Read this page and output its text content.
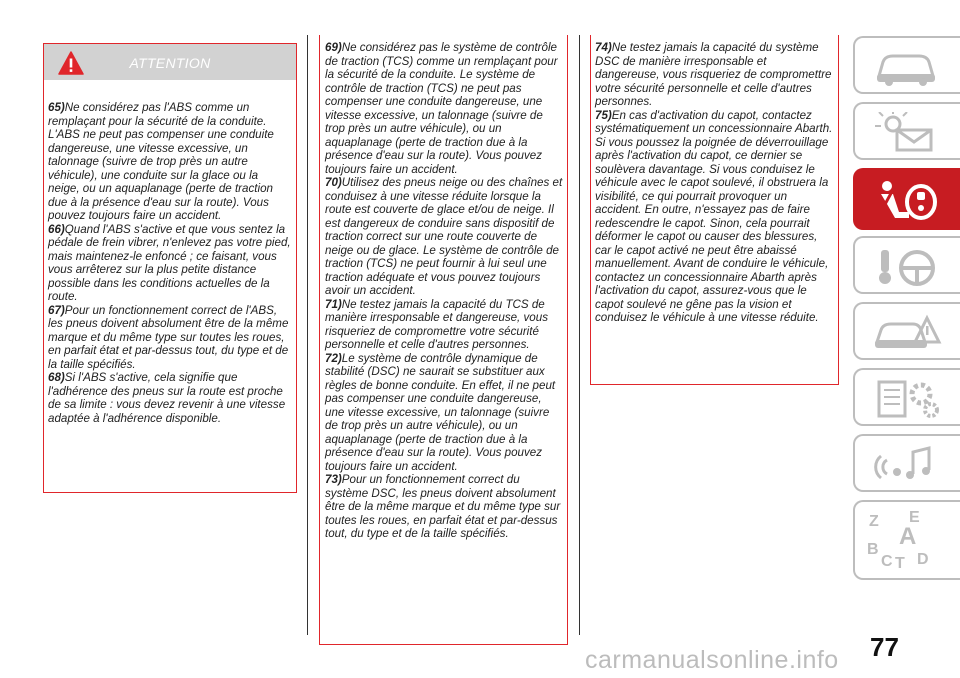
ATTENTION

65)Ne considérez pas l'ABS comme un remplaçant pour la sécurité de la conduite. L'ABS ne peut pas compenser une conduite dangereuse, une vitesse excessive, un talonnage (suivre de trop près un autre véhicule), une conduite sur la glace ou la neige, ou un aquaplanage (perte de traction due à la présence d'eau sur la route). Vous pouvez toujours faire un accident.

66)Quand l'ABS s'active et que vous sentez la pédale de frein vibrer, n'enlevez pas votre pied, mais maintenez-le enfoncé ; ce faisant, vous vous arrêterez sur la plus petite distance possible dans les conditions actuelles de la route.

67)Pour un fonctionnement correct de l'ABS, les pneus doivent absolument être de la même marque et du même type sur toutes les roues, en parfait état et par-dessus tout, du type et de la taille spécifiés.

68)Si l'ABS s'active, cela signifie que l'adhérence des pneus sur la route est proche de sa limite : vous devez revenir à une vitesse adaptée à l'adhérence disponible.

69)Ne considérez pas le système de contrôle de traction (TCS) comme un remplaçant pour la sécurité de la conduite. Le système de contrôle de traction (TCS) ne peut pas compenser une conduite dangereuse, une vitesse excessive, un talonnage (suivre de trop près un autre véhicule), ou un aquaplanage (perte de traction due à la présence d'eau sur la route). Vous pouvez toujours faire un accident.

70)Utilisez des pneus neige ou des chaînes et conduisez à une vitesse réduite lorsque la route est couverte de glace et/ou de neige. Il est dangereux de conduire sans dispositif de traction correct sur une route couverte de neige ou de glace. Le système de contrôle de traction (TCS) ne peut fournir à lui seul une traction adéquate et vous pouvez toujours avoir un accident.

71)Ne testez jamais la capacité du TCS de manière irresponsable et dangereuse, vous risqueriez de compromettre votre sécurité personnelle et celle d'autres personnes.

72)Le système de contrôle dynamique de stabilité (DSC) ne saurait se substituer aux règles de bonne conduite. En effet, il ne peut pas compenser une conduite dangereuse, une vitesse excessive, un talonnage (suivre de trop près un autre véhicule), ou un aquaplanage (perte de traction due à la présence d'eau sur la route). Vous pouvez toujours faire un accident.

73)Pour un fonctionnement correct du système DSC, les pneus doivent absolument être de la même marque et du même type sur toutes les roues, en parfait état et par-dessus tout, du type et de la taille spécifiés.

74)Ne testez jamais la capacité du système DSC de manière irresponsable et dangereuse, vous risqueriez de compromettre votre sécurité personnelle et celle d'autres personnes.

75)En cas d'activation du capot, contactez systématiquement un concessionnaire Abarth. Si vous poussez la poignée de déverrouillage après l'activation du capot, ce dernier se soulèvera davantage. Si vous conduisez le véhicule avec le capot soulevé, il obstruera la visibilité, ce qui pourrait provoquer un accident. En outre, n'essayez pas de faire redescendre le capot. Sinon, cela pourrait déformer le capot ou causer des blessures, car le capot activé ne peut être abaissé manuellement. Avant de conduire le véhicule, contactez un concessionnaire Abarth après l'activation du capot, assurez-vous que le capot soulevé ne gêne pas la vision et conduisez le véhicule à une vitesse réduite.

Z E
A
B
C T D
77
carmanualsonline.info
